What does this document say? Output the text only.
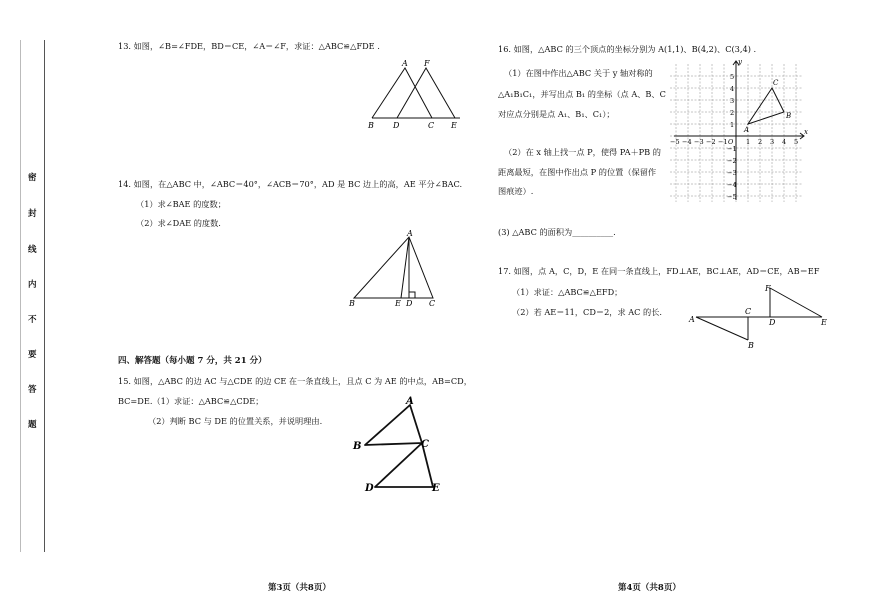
密
封
线
内
不
要
答
题
13. 如图，∠B=∠FDE，BD＝CE，∠A＝∠F，求证：△ABC≌△FDE .
A F
B D	C E
14. 如图，在△ABC 中，∠ABC＝40°，∠ACB＝70°，AD 是 BC 边上的高，AE 平分∠BAC.
（1）求∠BAE 的度数；
（2）求∠DAE 的度数.
A
B	E D C
四、解答题（每小题 7 分，共 21 分）
15. 如图，△ABC 的边 AC 与△CDE 的边 CE 在一条直线上，且点 C 为 AE 的中点，AB=CD，
BC=DE.（1）求证：△ABC≌△CDE；
（2）判断 BC 与 DE 的位置关系，并说明理由.
A
B	C
D	E
第3页（共8页）
16. 如图，△ABC 的三个顶点的坐标分别为 A(1,1)、B(4,2)、C(3,4) .
（1）在图中作出△ABC 关于 y 轴对称的
△A₁B₁C₁，并写出点 B₁ 的坐标（点 A、B、C
对应点分别是点 A₁、B₁、C₁）；
（2）在 x 轴上找一点 P，使得 PA＋PB 的
距离最短，在图中作出点 P 的位置（保留作
图痕迹）.
(3) △ABC 的面积为__________.
−5 −4 −3 −2 −1 O 1 2 3 4 5
5
4
3
2
1
−1
−2
−3
−4
−5
x
y
A
B
C
17. 如图，点 A，C，D，E 在同一条直线上，FD⊥AE，BC⊥AE，AD＝CE，AB＝EF
（1）求证：△ABC≌△EFD；
（2）若 AE＝11，CD＝2，求 AC 的长.
A
C
D	E
F
B
第4页（共8页）
